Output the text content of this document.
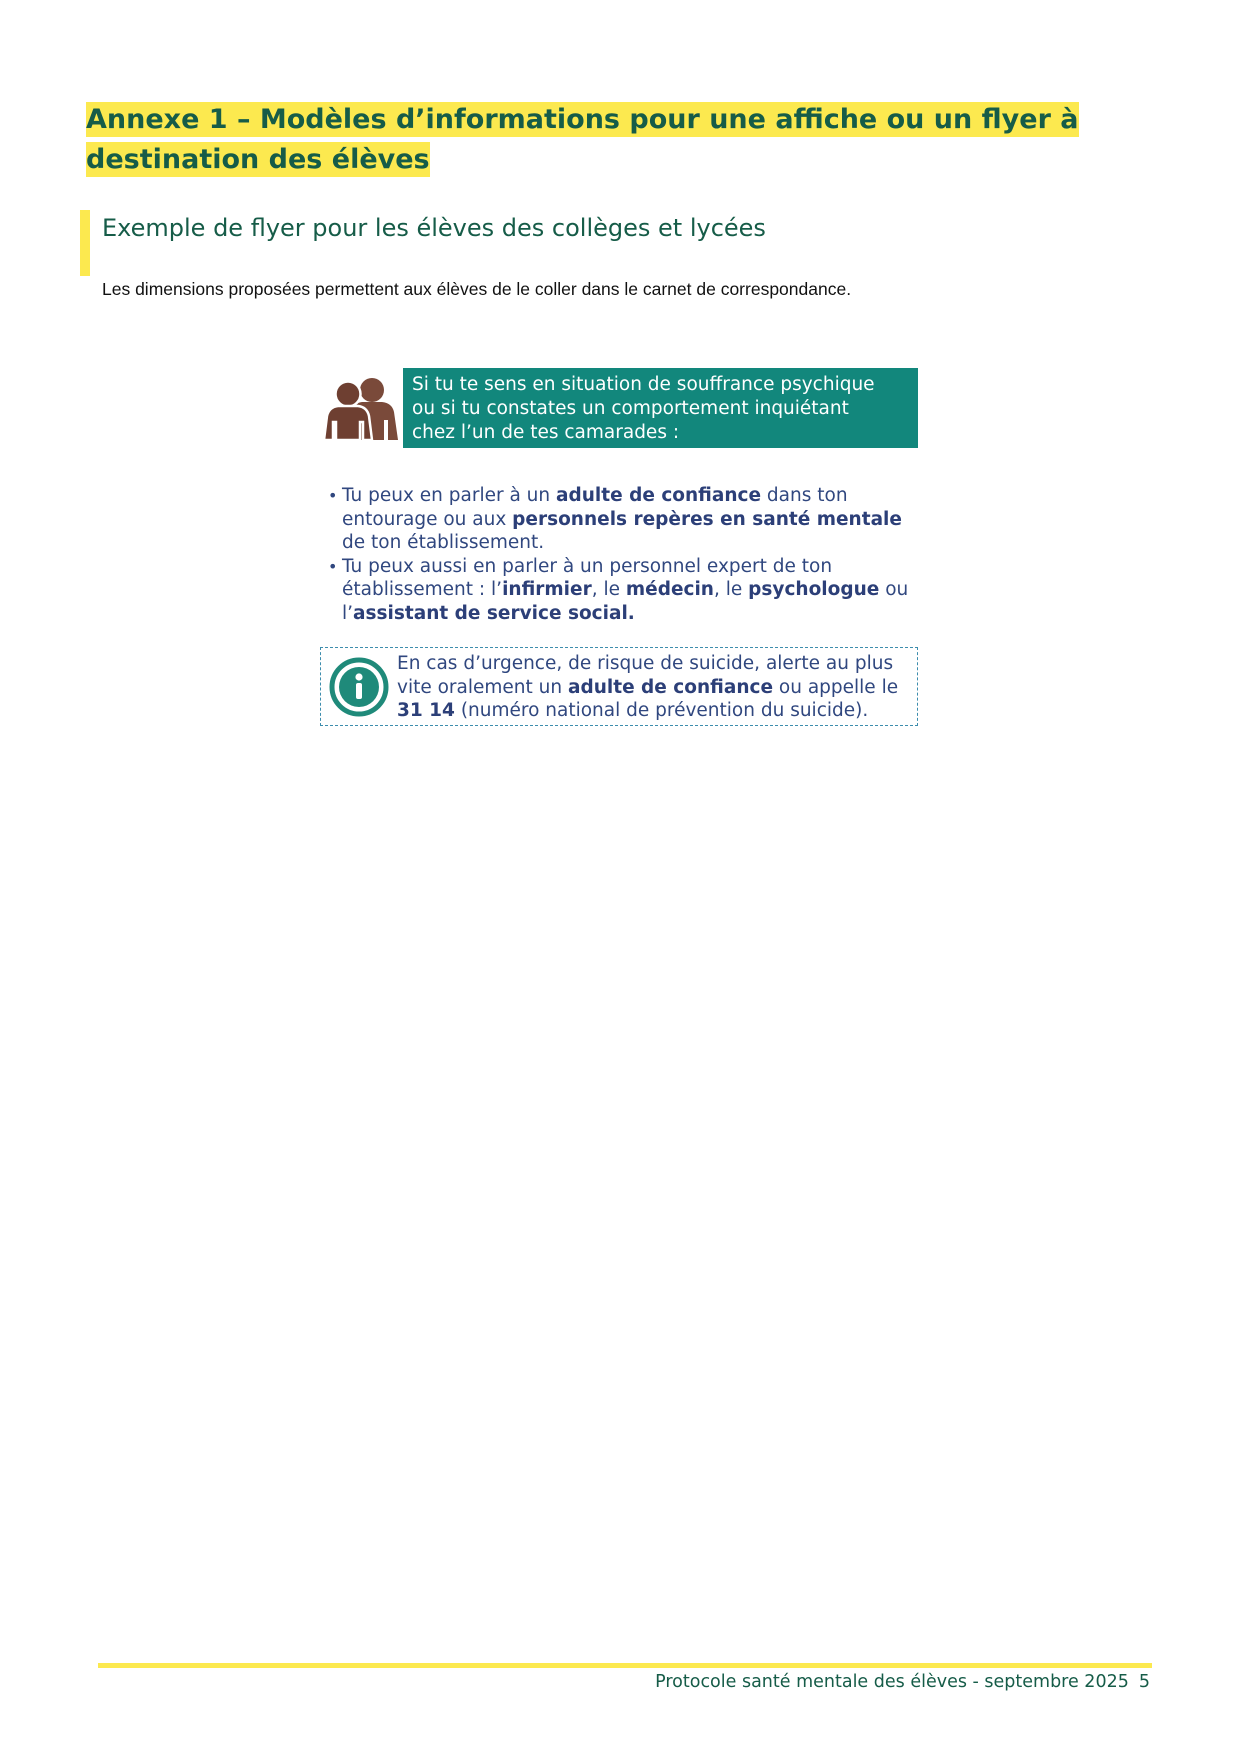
Annexe 1 – Modèles d’informations pour une affiche ou un flyer à
destination des élèves
Exemple de flyer pour les élèves des collèges et lycées

Les dimensions proposées permettent aux élèves de le coller dans le carnet de correspondance.

Si tu te sens en situation de souffrance psychique
ou si tu constates un comportement inquiétant
chez l’un de tes camarades :

• Tu peux en parler à un adulte de confiance dans ton entourage ou aux personnels repères en santé mentale de ton établissement.
• Tu peux aussi en parler à un personnel expert de ton établissement : l’infirmier, le médecin, le psychologue ou l’assistant de service social.

En cas d’urgence, de risque de suicide, alerte au plus vite oralement un adulte de confiance ou appelle le 31 14 (numéro national de prévention du suicide).

Protocole santé mentale des élèves - septembre 2025 5
